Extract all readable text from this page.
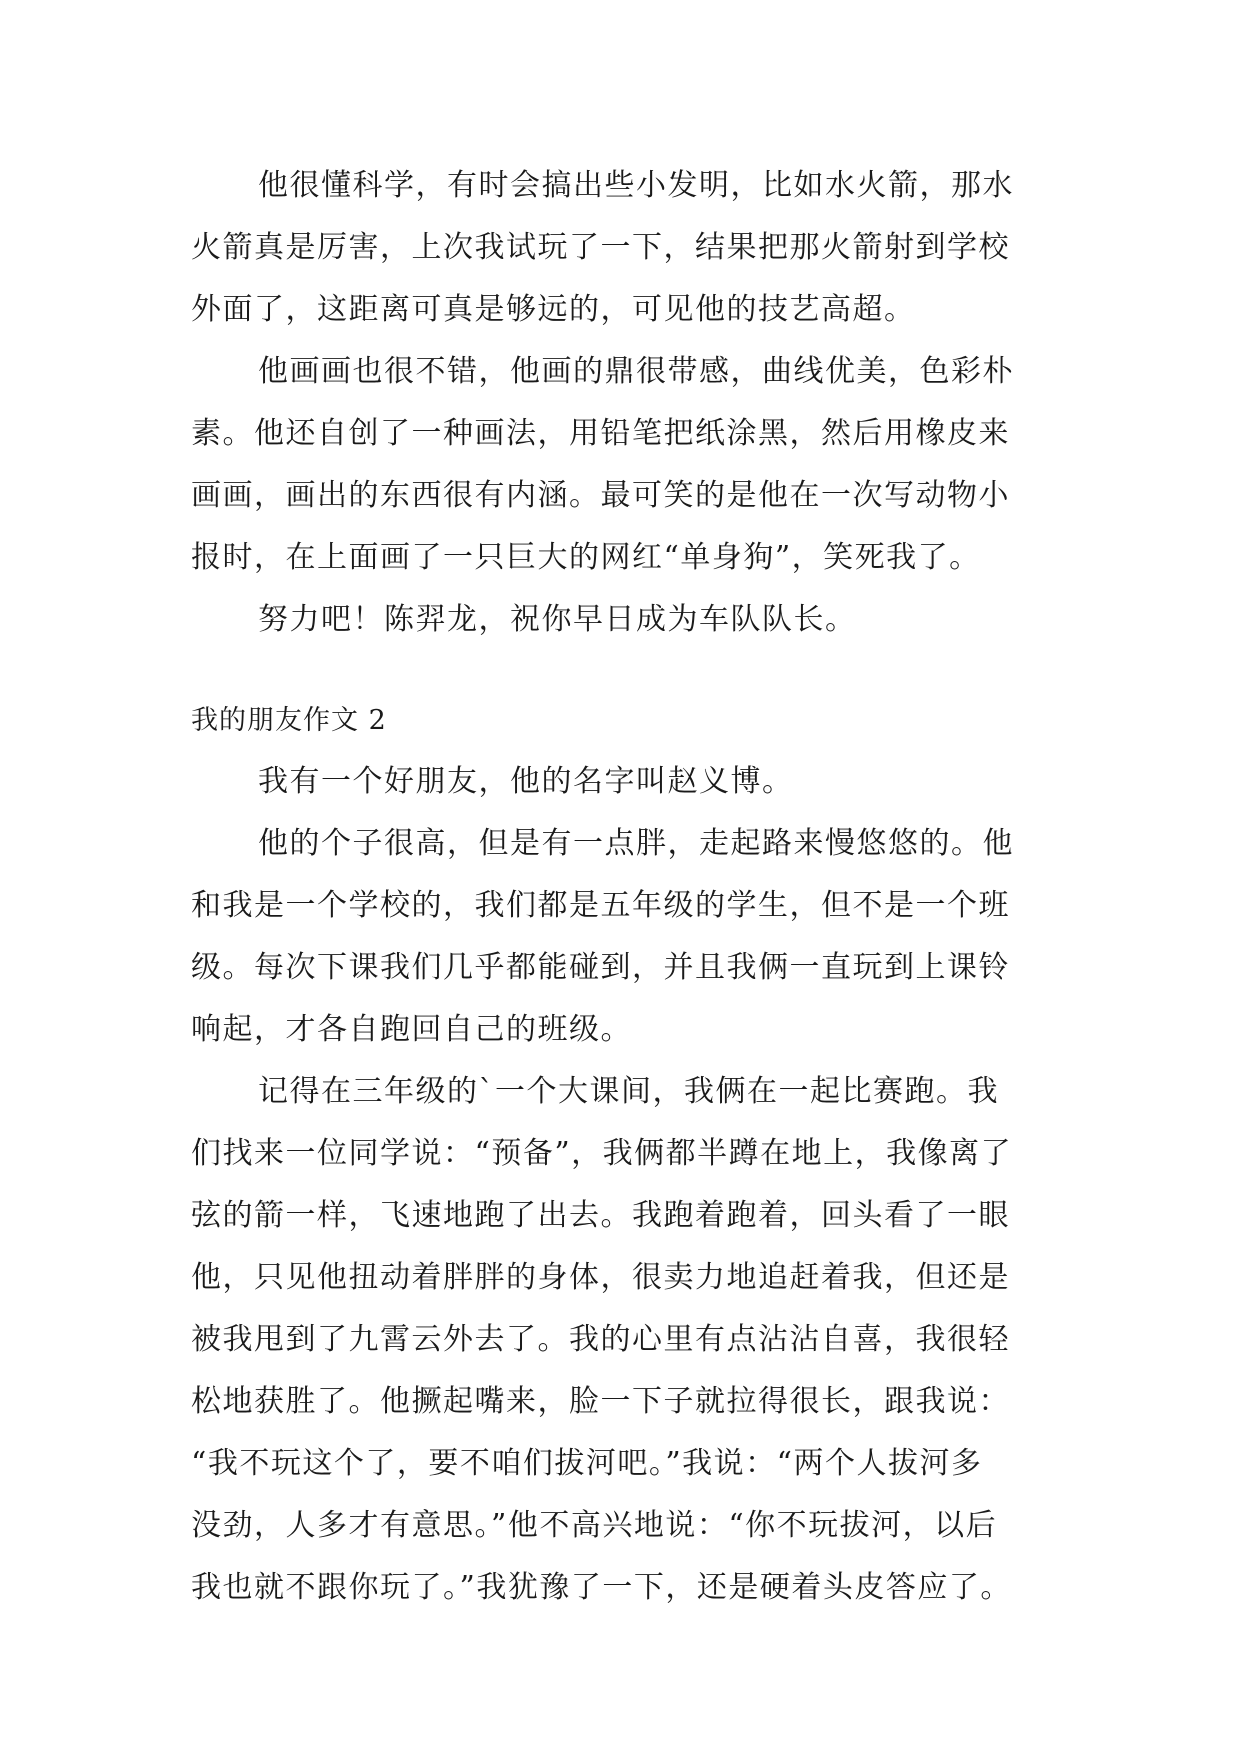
他很懂科学，有时会搞出些小发明，比如水火箭，那水
火箭真是厉害，上次我试玩了一下，结果把那火箭射到学校
外面了，这距离可真是够远的，可见他的技艺高超。
他画画也很不错，他画的鼎很带感，曲线优美，色彩朴
素。他还自创了一种画法，用铅笔把纸涂黑，然后用橡皮来
画画，画出的东西很有内涵。最可笑的是他在一次写动物小
报时，在上面画了一只巨大的网红“单身狗”，笑死我了。
努力吧！陈羿龙，祝你早日成为车队队长。
我的朋友作文 2
我有一个好朋友，他的名字叫赵义博。
他的个子很高，但是有一点胖，走起路来慢悠悠的。他
和我是一个学校的，我们都是五年级的学生，但不是一个班
级。每次下课我们几乎都能碰到，并且我俩一直玩到上课铃
响起，才各自跑回自己的班级。
记得在三年级的`一个大课间，我俩在一起比赛跑。我
们找来一位同学说：“预备”，我俩都半蹲在地上，我像离了
弦的箭一样，飞速地跑了出去。我跑着跑着，回头看了一眼
他，只见他扭动着胖胖的身体，很卖力地追赶着我，但还是
被我甩到了九霄云外去了。我的心里有点沾沾自喜，我很轻
松地获胜了。他撅起嘴来，脸一下子就拉得很长，跟我说：
“我不玩这个了，要不咱们拔河吧。”我说：“两个人拔河多
没劲，人多才有意思。”他不高兴地说：“你不玩拔河，以后
我也就不跟你玩了。”我犹豫了一下，还是硬着头皮答应了。
